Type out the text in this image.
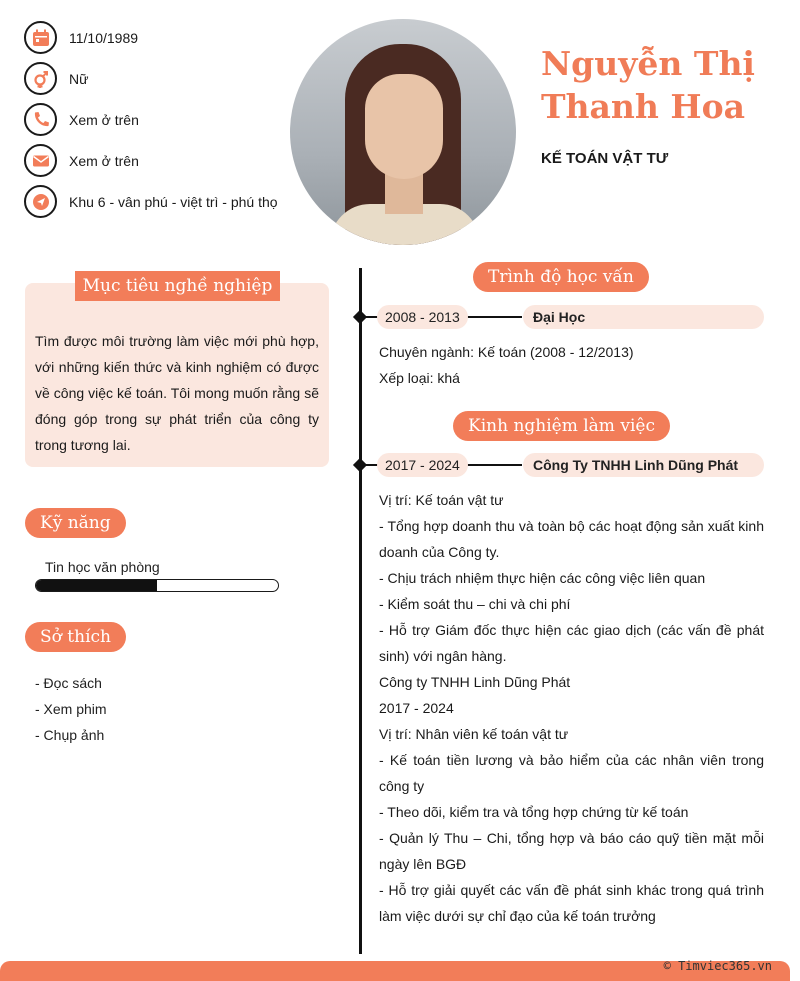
11/10/1989
Nữ
Xem ở trên
Xem ở trên
Khu 6 - vân phú - việt trì - phú thọ
Nguyễn Thị
Thanh Hoa
KẾ TOÁN VẬT TƯ
Mục tiêu nghề nghiệp
Tìm được môi trường làm việc mới phù hợp, với những kiến thức và kinh nghiệm có được về công việc kế toán. Tôi mong muốn rằng sẽ đóng góp trong sự phát triển của công ty trong tương lai.
Kỹ năng
Tin học văn phòng
Sở thích
- Đọc sách
- Xem phim
- Chụp ảnh
Trình độ học vấn
2008 - 2013	Đại Học

Chuyên ngành: Kế toán (2008 - 12/2013)

Xếp loại: khá

Kinh nghiệm làm việc
2017 - 2024	Công Ty TNHH Linh Dũng Phát

Vị trí: Kế toán vật tư

- Tổng hợp doanh thu và toàn bộ các hoạt động sản xuất kinh doanh của Công ty.

- Chịu trách nhiệm thực hiện các công việc liên quan

- Kiểm soát thu – chi và chi phí

- Hỗ trợ Giám đốc thực hiện các giao dịch (các vấn đề phát sinh) với ngân hàng.

Công ty TNHH Linh Dũng Phát

2017 - 2024

Vị trí: Nhân viên kế toán vật tư

- Kế toán tiền lương và bảo hiểm của các nhân viên trong công ty

- Theo dõi, kiểm tra và tổng hợp chứng từ kế toán

- Quản lý Thu – Chi, tổng hợp và báo cáo quỹ tiền mặt mỗi ngày lên BGĐ

- Hỗ trợ giải quyết các vấn đề phát sinh khác trong quá trình làm việc dưới sự chỉ đạo của kế toán trưởng

© Timviec365.vn
